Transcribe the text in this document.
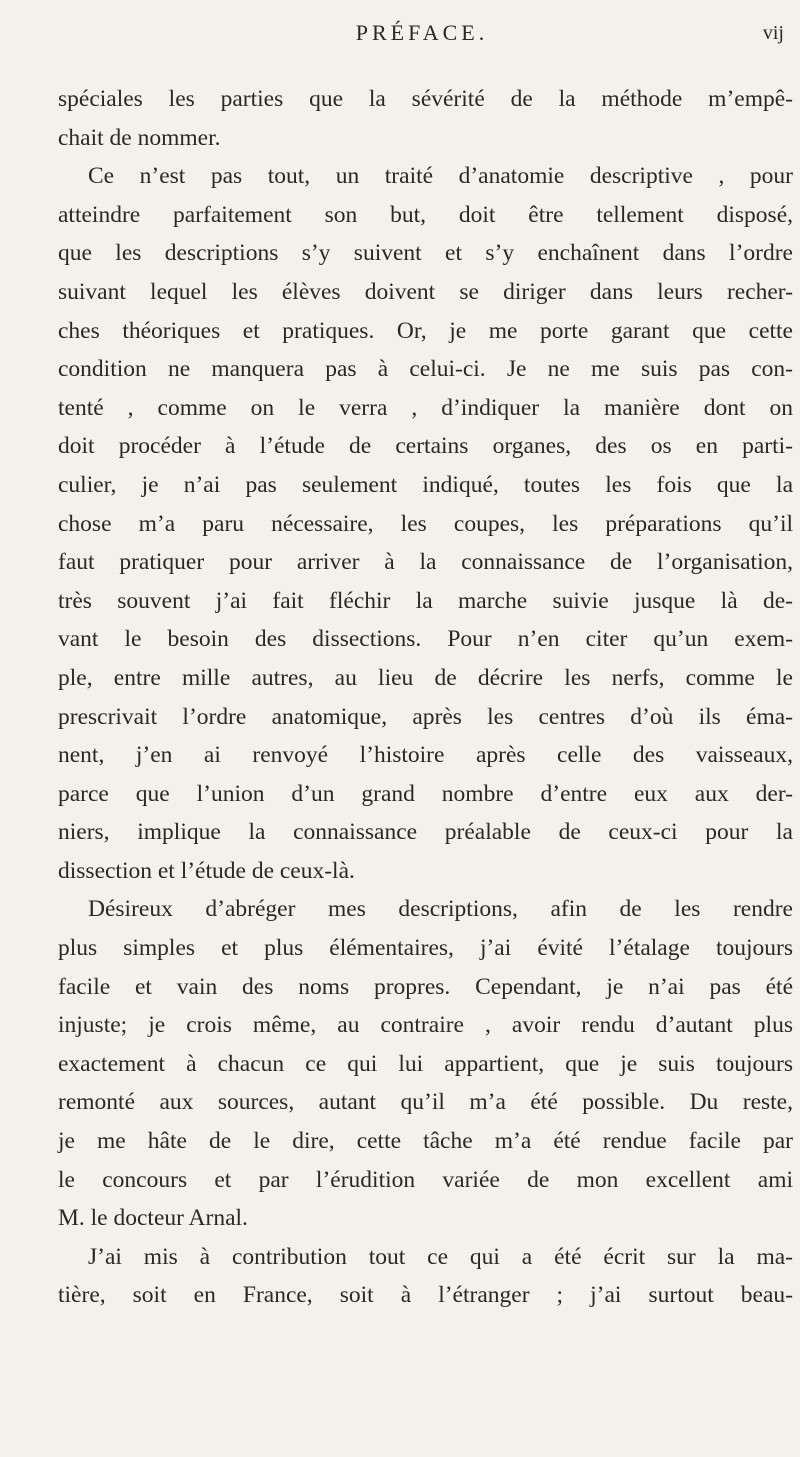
PRÉFACE.	vij
spéciales les parties que la sévérité de la méthode m’empê-
chait de nommer.
Ce n’est pas tout, un traité d’anatomie descriptive , pour
atteindre parfaitement son but, doit être tellement disposé,
que les descriptions s’y suivent et s’y enchaînent dans l’ordre
suivant lequel les élèves doivent se diriger dans leurs recher-
ches théoriques et pratiques. Or, je me porte garant que cette
condition ne manquera pas à celui-ci. Je ne me suis pas con-
tenté , comme on le verra , d’indiquer la manière dont on
doit procéder à l’étude de certains organes, des os en parti-
culier, je n’ai pas seulement indiqué, toutes les fois que la
chose m’a paru nécessaire, les coupes, les préparations qu’il
faut pratiquer pour arriver à la connaissance de l’organisation,
très souvent j’ai fait fléchir la marche suivie jusque là de-
vant le besoin des dissections. Pour n’en citer qu’un exem-
ple, entre mille autres, au lieu de décrire les nerfs, comme le
prescrivait l’ordre anatomique, après les centres d’où ils éma-
nent, j’en ai renvoyé l’histoire après celle des vaisseaux,
parce que l’union d’un grand nombre d’entre eux aux der-
niers, implique la connaissance préalable de ceux-ci pour la
dissection et l’étude de ceux-là.
Désireux d’abréger mes descriptions, afin de les rendre
plus simples et plus élémentaires, j’ai évité l’étalage toujours
facile et vain des noms propres. Cependant, je n’ai pas été
injuste; je crois même, au contraire , avoir rendu d’autant plus
exactement à chacun ce qui lui appartient, que je suis toujours
remonté aux sources, autant qu’il m’a été possible. Du reste,
je me hâte de le dire, cette tâche m’a été rendue facile par
le concours et par l’érudition variée de mon excellent ami
M. le docteur Arnal.
J’ai mis à contribution tout ce qui a été écrit sur la ma-
tière, soit en France, soit à l’étranger ; j’ai surtout beau-
